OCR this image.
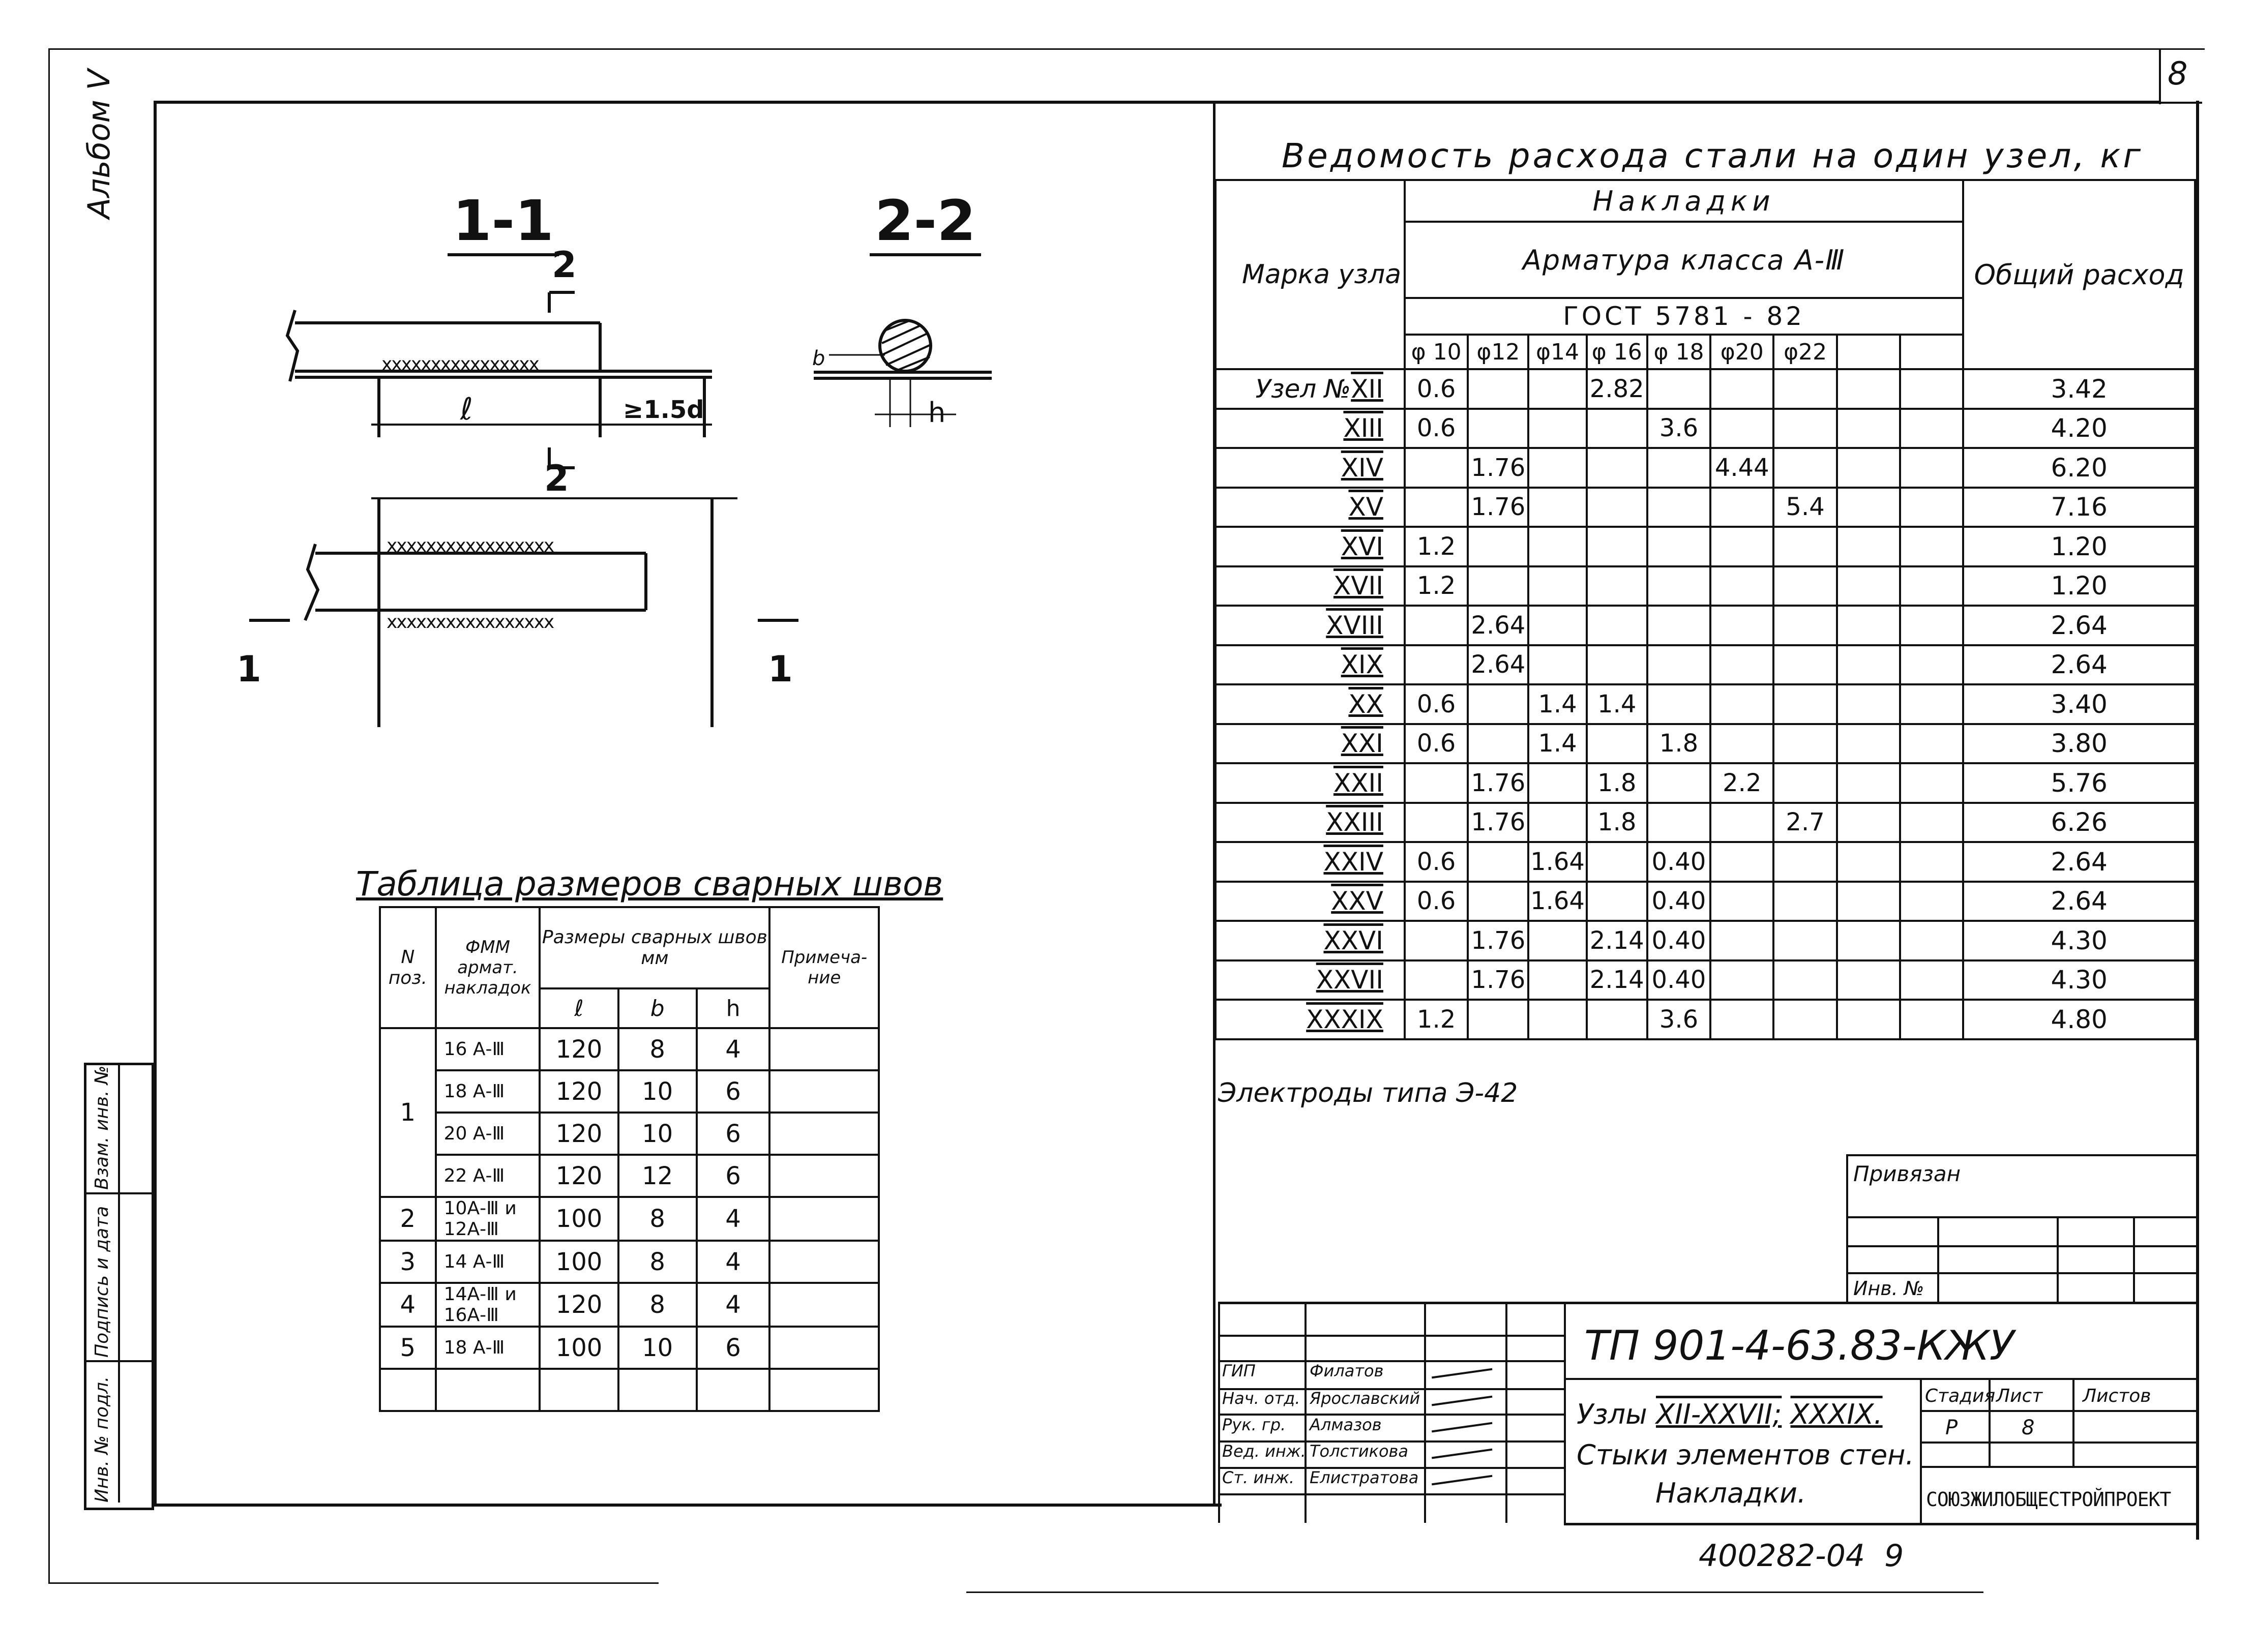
8
Альбом V
Инв. № подл.
Подпись и дата
Взам. инв. №
1-1	2-2
xxxxxxxxxxxxxxxx
xxxxxxxxxxxxxxxxx
xxxxxxxxxxxxxxxxx
2
2
ℓ	≥1.5d	h
b
1	1
Таблица размеров сварных швов
N поз.	ФММ армат. накладок	Размеры сварных швов мм			Примеча- ние
		ℓ	b	h	
1	16 А-Ⅲ	120	8	4	
	18 А-Ⅲ	120	10	6	
	20 А-Ⅲ	120	10	6	
	22 А-Ⅲ	120	12	6	
2	10А-Ⅲ и 12А-Ⅲ	100	8	4	
3	14 А-Ⅲ	100	8	4	
4	14А-Ⅲ и 16А-Ⅲ	120	8	4	
5	18 А-Ⅲ	100	10	6	

Ведомость расхода стали на один узел, кг
Марка узла	Накладки									Общий расход
	Арматура класса А-Ⅲ									
	ГОСТ 5781 - 82									
	φ 10	φ12	φ14	φ 16	φ 18	φ20	φ22			
Узел №XII	0.6			2.82						3.42
XIII	0.6				3.6					4.20
XIV		1.76				4.44				6.20
XV		1.76					5.4			7.16
XVI	1.2									1.20
XVII	1.2									1.20
XVIII		2.64								2.64
XIX		2.64								2.64
XX	0.6		1.4	1.4						3.40
XXI	0.6		1.4		1.8					3.80
XXII		1.76		1.8		2.2				5.76
XXIII		1.76		1.8			2.7			6.26
XXIV	0.6		1.64		0.40					2.64
XXV	0.6		1.64		0.40					2.64
XXVI		1.76		2.14	0.40					4.30
XXVII		1.76		2.14	0.40					4.30
XXXIX	1.2				3.6					4.80
Электроды типа Э-42
Привязан
Инв. №
ГИП	Филатов
Нач. отд. Ярославский
Рук. гр. Алмазов
Вед. инж. Толстикова
Ст. инж. Елистратова
ТП 901-4-63.83-КЖУ
Узлы XII-XXVII; XXXIX.
Стыки элементов стен.
Накладки.
Стадия Лист Листов
Р	8
СОЮЗЖИЛОБЩЕСТРОЙПРОЕКТ
400282-04  9
